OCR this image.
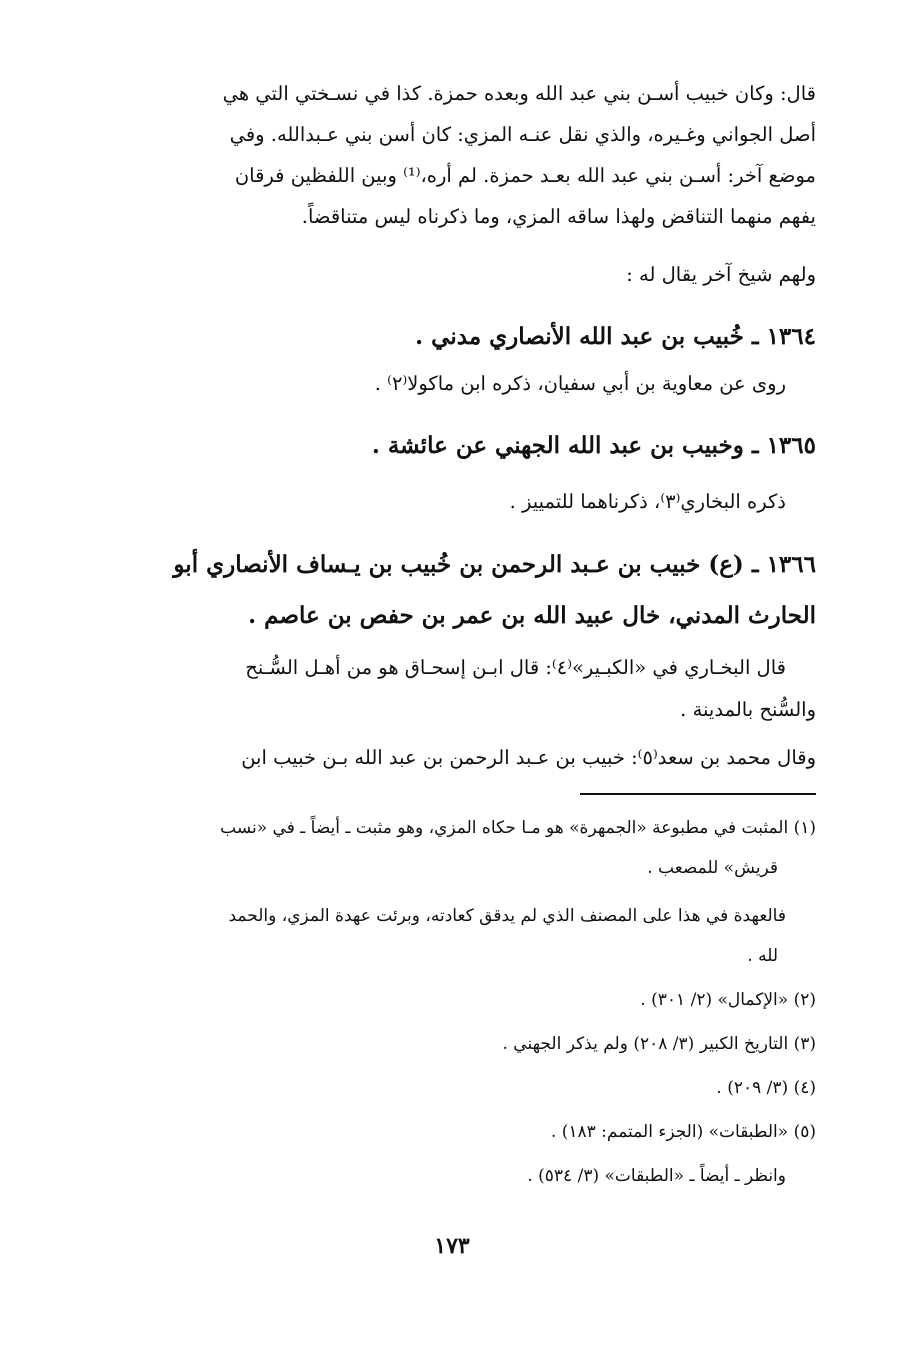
قال: وكان خبيب أسـن بني عبد الله وبعده حمزة. كذا في نسـختي التي هي
أصل الجواني وغـيره، والذي نقل عنـه المزي: كان أسن بني عـبدالله. وفي
موضع آخر: أسـن بني عبد الله بعـد حمزة. لم أره،⁽¹⁾ وبين اللفظين فرقان
يفهم منهما التناقض ولهذا ساقه المزي، وما ذكرناه ليس متناقضاً.
ولهم شيخ آخر يقال له :
١٣٦٤ ـ خُبيب بن عبد الله الأنصاري مدني .
روى عن معاوية بن أبي سفيان، ذكره ابن ماكولا⁽٢⁾ .
١٣٦٥ ـ وخبيب بن عبد الله الجهني عن عائشة .
ذكره البخاري⁽٣⁾، ذكرناهما للتمييز .
١٣٦٦ ـ (ع) خبيب بن عـبد الرحمن بن خُبيب بن يـساف الأنصاري أبو
الحارث المدني، خال عبيد الله بن عمر بن حفص بن عاصم .
قال البخـاري في «الكبـير»⁽٤⁾: قال ابـن إسحـاق هو من أهـل السُّـنح
والسُّنح بالمدينة .
وقال محمد بن سعد⁽٥⁾: خبيب بن عـبد الرحمن بن عبد الله بـن خبيب ابن
(١) المثبت في مطبوعة «الجمهرة» هو مـا حكاه المزي، وهو مثبت ـ أيضاً ـ في «نسب
قريش» للمصعب .
فالعهدة في هذا على المصنف الذي لم يدقق كعادته، وبرئت عهدة المزي، والحمد
لله .
(٢) «الإكمال» (٢/ ٣٠١) .
(٣) التاريخ الكبير (٣/ ٢٠٨) ولم يذكر الجهني .
(٤) (٣/ ٢٠٩) .
(٥) «الطبقات» (الجزء المتمم: ١٨٣) .
وانظر ـ أيضاً ـ «الطبقات» (٣/ ٥٣٤) .
١٧٣
